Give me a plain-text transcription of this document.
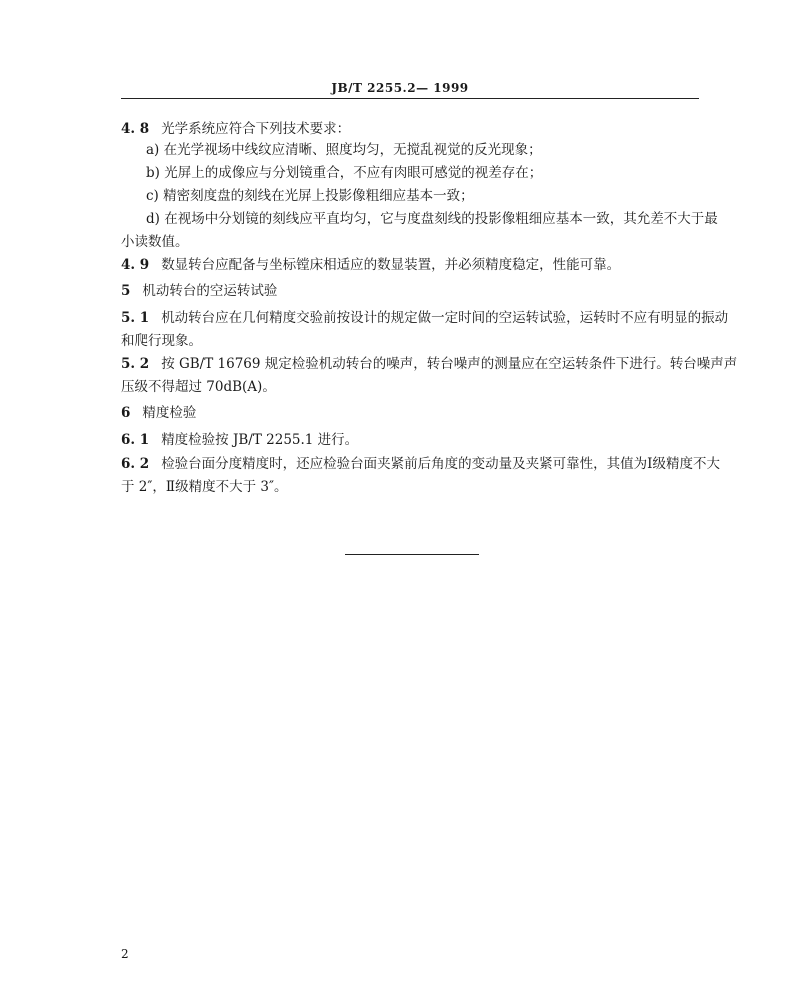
JB/T 2255.2— 1999
4. 8 光学系统应符合下列技术要求：
a) 在光学视场中线纹应清晰、照度均匀，无搅乱视觉的反光现象；
b) 光屏上的成像应与分划镜重合，不应有肉眼可感觉的视差存在；
c) 精密刻度盘的刻线在光屏上投影像粗细应基本一致；
d) 在视场中分划镜的刻线应平直均匀，它与度盘刻线的投影像粗细应基本一致，其允差不大于最
小读数值。
4. 9 数显转台应配备与坐标镗床相适应的数显装置，并必须精度稳定，性能可靠。
5 机动转台的空运转试验
5. 1 机动转台应在几何精度交验前按设计的规定做一定时间的空运转试验，运转时不应有明显的振动
和爬行现象。
5. 2 按 GB/T 16769 规定检验机动转台的噪声，转台噪声的测量应在空运转条件下进行。转台噪声声
压级不得超过 70dB(A)。
6 精度检验
6. 1 精度检验按 JB/T 2255.1 进行。
6. 2 检验台面分度精度时，还应检验台面夹紧前后角度的变动量及夹紧可靠性，其值为Ⅰ级精度不大
于 2″，Ⅱ级精度不大于 3″。
2
